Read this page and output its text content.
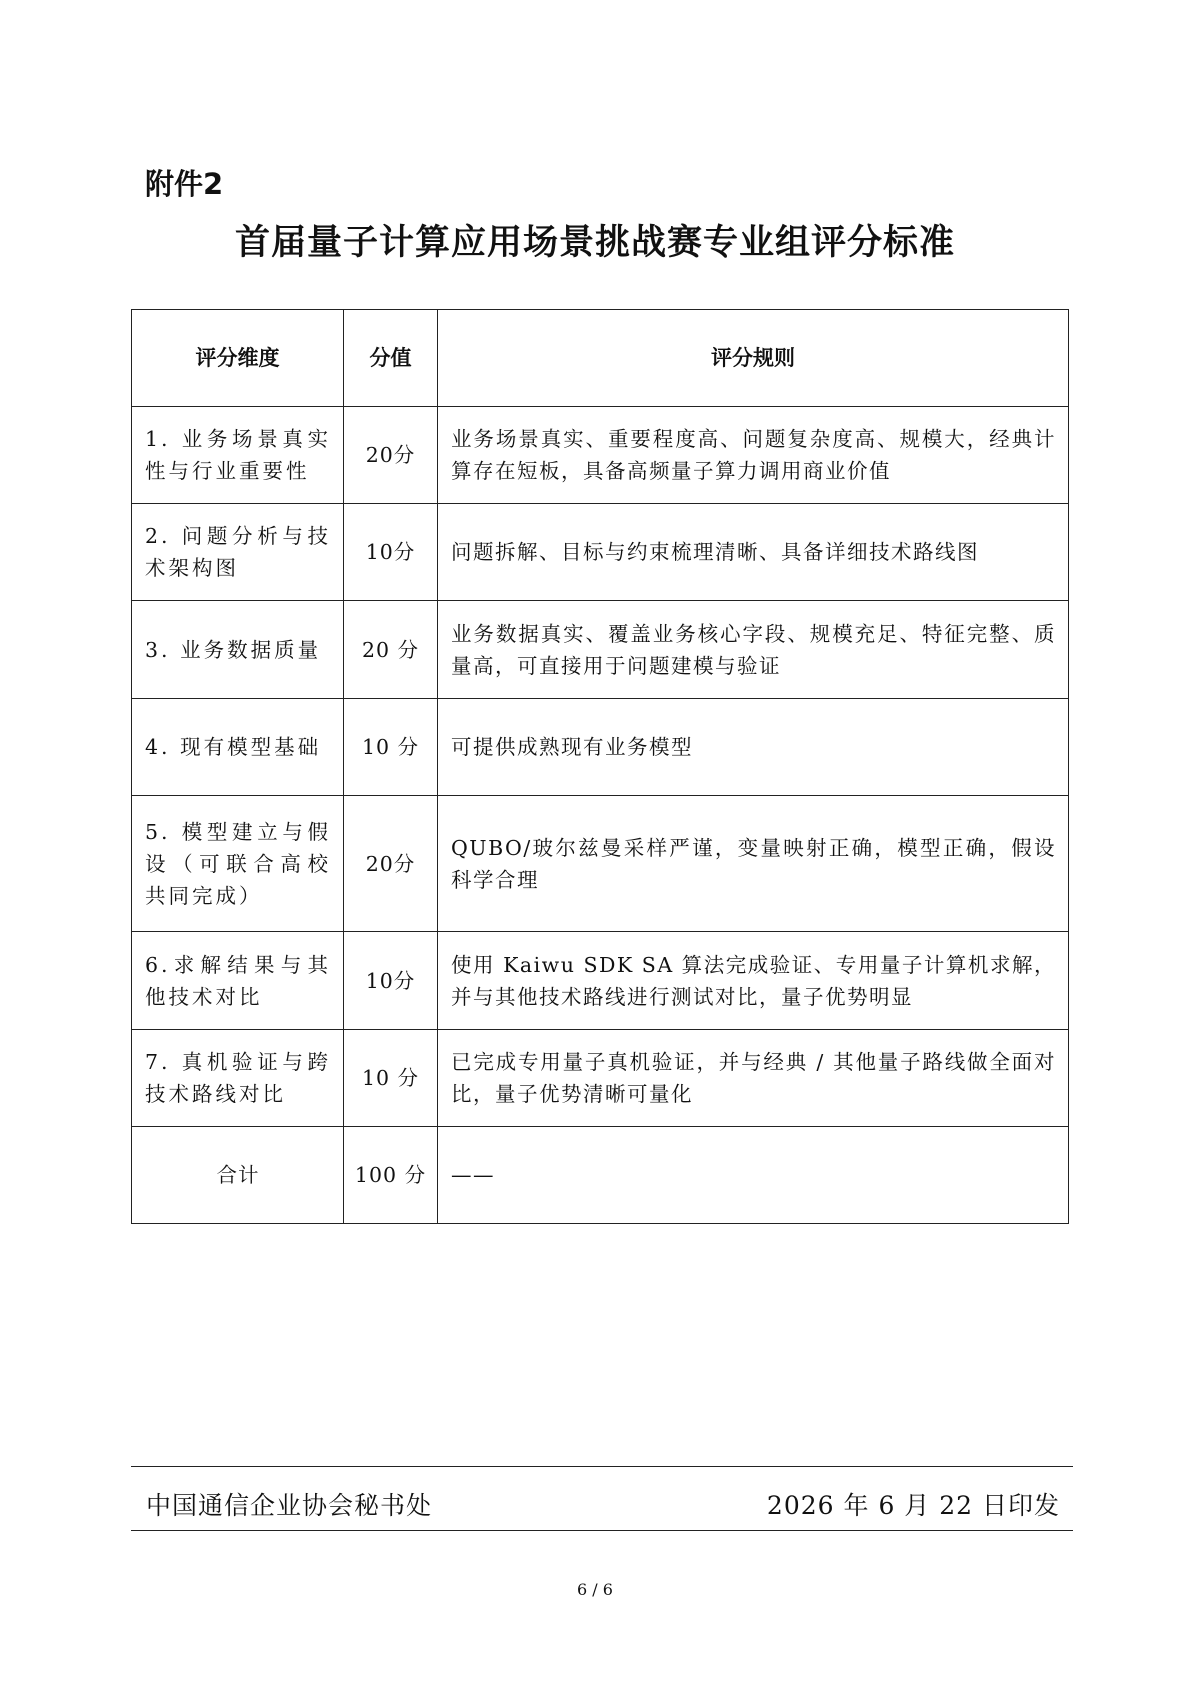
附件2
首届量子计算应用场景挑战赛专业组评分标准
评分维度	分值	评分规则
1. 业务场景真实性与行业重要性	20分	业务场景真实、重要程度高、问题复杂度高、规模大，经典计算存在短板，具备高频量子算力调用商业价值
2. 问题分析与技术架构图	10分	问题拆解、目标与约束梳理清晰、具备详细技术路线图
3. 业务数据质量	20 分	业务数据真实、覆盖业务核心字段、规模充足、特征完整、质量高，可直接用于问题建模与验证
4. 现有模型基础	10 分	可提供成熟现有业务模型
5. 模型建立与假设（可联合高校共同完成）	20分	QUBO/玻尔兹曼采样严谨，变量映射正确，模型正确，假设科学合理
6.求解结果与其他技术对比	10分	使用 Kaiwu SDK SA 算法完成验证、专用量子计算机求解，并与其他技术路线进行测试对比，量子优势明显
7. 真机验证与跨技术路线对比	10 分	已完成专用量子真机验证，并与经典 / 其他量子路线做全面对比，量子优势清晰可量化
合计	100 分	——
中国通信企业协会秘书处	2026 年 6 月 22 日印发
6 / 6
